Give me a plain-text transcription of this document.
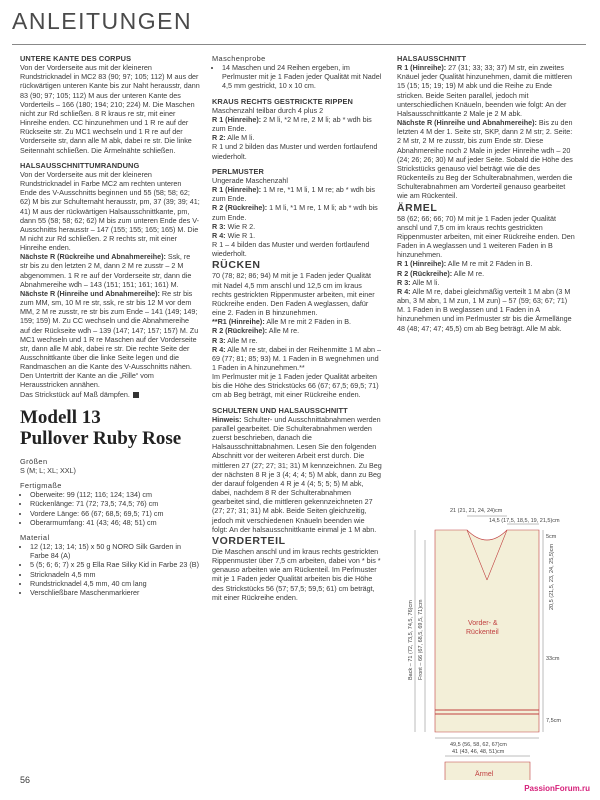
ANLEITUNGEN
UNTERE KANTE DES CORPUS

Von der Vorderseite aus mit der kleineren Rundstricknadel in MC2 83 (90; 97; 105; 112) M aus der rückwärtigen unteren Kante bis zur Naht herausstr, dann 83 (90; 97; 105; 112) M aus der unteren Kante des Vorderteils – 166 (180; 194; 210; 224) M. Die Maschen nicht zur Rd schließen. 8 R kraus re str, mit einer Hinreihe enden. CC hinzunehmen und 1 R re auf der Rückseite str. Zu MC1 wechseln und 1 R re auf der Vorderseite str, dann alle M abk, dabei re str. Die linke Seitennaht schließen. Die Ärmelnähte schließen.

HALSAUSSCHNITTUMRANDUNG

Von der Vorderseite aus mit der kleineren Rundstricknadel in Farbe MC2 am rechten unteren Ende des V-Ausschnitts beginnen und 55 (58; 58; 62; 62) M bis zur Schulternaht herausstr, pm, 37 (39; 39; 41; 41) M aus der rückwärtigen Halsausschnittkante, pm, dann 55 (58; 58; 62; 62) M bis zum unteren Ende des V-Ausschnitts herausstr – 147 (155; 155; 165; 165) M. Die M nicht zur Rd schließen. 2 R rechts str, mit einer Hinreihe enden.

Nächste R (Rückreihe und Abnahmereihe): Ssk, re str bis zu den letzten 2 M, dann 2 M re zusstr – 2 M abgenommen. 1 R re auf der Vorderseite str, dann die Abnahmereihe wdh – 143 (151; 151; 161; 161) M.

Nächste R (Hinreihe und Abnahmereihe): Re str bis zum MM, sm, 10 M re str, ssk, re str bis 12 M vor dem MM, 2 M re zusstr, re str bis zum Ende – 141 (149; 149; 159; 159) M. Zu CC wechseln und die Abnahmereihe auf der Rückseite wdh – 139 (147; 147; 157; 157) M. Zu MC1 wechseln und 1 R re Maschen auf der Vorderseite str, dann alle M abk, dabei re str. Die rechte Seite der Ausschnittkante über die linke Seite legen und die Randmaschen an die Kante des V-Ausschnitts nähen. Den Untertritt der Kante an die „Rille“ vom Herausstricken annähen.

Das Strickstück auf Maß dämpfen.

Modell 13
Pullover Ruby Rose
Größen

S (M; L; XL; XXL)

Fertigmaße
• Oberweite: 99 (112; 116; 124; 134) cm
• Rückenlänge: 71 (72; 73,5; 74,5; 76) cm
• Vordere Länge: 66 (67; 68,5; 69,5; 71) cm
• Oberarmumfang: 41 (43; 46; 48; 51) cm
Material
• 12 (12; 13; 14; 15) x 50 g NORO Silk Garden in Farbe 84 (A)
• 5 (5; 6; 6; 7) x 25 g Ella Rae Silky Kid in Farbe 23 (B)
• Stricknadeln 4,5 mm
• Rundstricknadel 4,5 mm, 40 cm lang
• Verschließbare Maschenmarkierer
Maschenprobe
• 14 Maschen und 24 Reihen ergeben, im Perlmuster mit je 1 Faden jeder Qualität mit Nadel 4,5 mm gestrickt, 10 x 10 cm.
KRAUS RECHTS GESTRICKTE RIPPEN

Maschenzahl teilbar durch 4 plus 2

R 1 (Hinreihe): 2 M li, *2 M re, 2 M li; ab * wdh bis zum Ende.

R 2: Alle M li.

R 1 und 2 bilden das Muster und werden fortlaufend wiederholt.

PERLMUSTER

Ungerade Maschenzahl

R 1 (Hinreihe): 1 M re, *1 M li, 1 M re; ab * wdh bis zum Ende.

R 2 (Rückreihe): 1 M li, *1 M re, 1 M li; ab * wdh bis zum Ende.

R 3: Wie R 2.

R 4: Wie R 1.

R 1 – 4 bilden das Muster und werden fortlaufend wiederholt.

RÜCKEN

70 (78; 82; 86; 94) M mit je 1 Faden jeder Qualität mit Nadel 4,5 mm anschl und 12,5 cm im kraus rechts gestrickten Rippenmuster arbeiten, mit einer Rückreihe enden. Den Faden A weglassen, dafür eine 2. Faden in B hinzunehmen.

**R1 (Hinreihe): Alle M re mit 2 Fäden in B.

R 2 (Rückreihe): Alle M re.

R 3: Alle M re.

R 4: Alle M re str, dabei in der Reihenmitte 1 M abn – 69 (77; 81; 85; 93) M. 1 Faden in B wegnehmen und 1 Faden in A hinzunehmen.**

Im Perlmuster mit je 1 Faden jeder Qualität arbeiten bis die Höhe des Strickstücks 66 (67; 67,5; 69,5; 71) cm ab Beg beträgt, mit einer Rückreihe enden.

SCHULTERN UND HALSAUSSCHNITT

Hinweis: Schulter- und Ausschnittabnahmen werden parallel gearbeitet. Die Schulterabnahmen werden zuerst beschrieben, danach die Halsausschnittabnahmen. Lesen Sie den folgenden Abschnitt vor der weiteren Arbeit erst durch. Die mittleren 27 (27; 27; 31; 31) M kennzeichnen. Zu Beg der nächsten 8 R je 3 (4; 4; 4; 5) M abk, dann zu Beg der darauf folgenden 4 R je 4 (4; 5; 5; 5) M abk, dabei, nachdem 8 R der Schulterabnahmen gearbeitet sind, die mittleren gekennzeichneten 27 (27; 27; 31; 31) M abk. Beide Seiten gleichzeitig, jedoch mit verschiedenen Knäueln beenden wie folgt: An der halsausschnittkante einmal je 1 M abn.

VORDERTEIL

Die Maschen anschl und im kraus rechts gestrickten Rippenmuster über 7,5 cm arbeiten, dabei von * bis * genauso arbeiten wie am Rückenteil. Im Perlmuster mit je 1 Faden jeder Qualität arbeiten bis die Höhe des Strickstücks 56 (57; 57,5; 59,5; 61) cm beträgt, mit einer Rückreihe enden.

HALSAUSSCHNITT

R 1 (Hinreihe): 27 (31; 33; 33; 37) M str, ein zweites Knäuel jeder Qualität hinzunehmen, damit die mittleren 15 (15; 15; 19; 19) M abk und die Reihe zu Ende stricken. Beide Seiten parallel, jedoch mit unterschiedlichen Knäueln, beenden wie folgt: An der Halsausschnittkante 2 Male je 2 M abk.

Nächste R (Hinreihe und Abnahmereihe): Bis zu den letzten 4 M der 1. Seite str, SKP, dann 2 M str; 2. Seite: 2 M str, 2 M re zusstr, bis zum Ende str. Diese Abnahmereihe noch 2 Male in jeder Hinreihe wdh – 20 (24; 26; 26; 30) M auf jeder Seite. Sobald die Höhe des Strickstücks genauso viel beträgt wie die des Rückenteils zu Beg der Schulterabnahmen, werden die Schulterabnahmen am Vorderteil genauso gearbeitet wie am Rückenteil.

ÄRMEL

58 (62; 66; 66; 70) M mit je 1 Faden jeder Qualität anschl und 7,5 cm im kraus rechts gestrickten Rippenmuster arbeiten, mit einer Rückreihe enden. Den Faden in A weglassen und 1 weiteren Faden in B hinzunehmen.

R 1 (Hinreihe): Alle M re mit 2 Fäden in B.

R 2 (Rückreihe): Alle M re.

R 3: Alle M li.

R 4: Alle M re, dabei gleichmäßig verteilt 1 M abn (3 M abn, 3 M abn, 1 M zun, 1 M zun) – 57 (59; 63; 67; 71) M. 1 Faden in B weglassen und 1 Faden in A hinzunehmen und im Perlmuster str bis die Ärmellänge 48 (48; 47; 47; 45,5) cm ab Beg beträgt. Alle M abk.

21 (21, 21, 24, 24)cm
14,5 (17,5, 18,5, 19, 21,5)cm
5cm
20,5 (21,5, 23, 24, 25,5)cm
33cm
7,5cm
Back – 71 (72, 73,5, 74,5, 76)cm Front – 66 (67, 68,5, 69,5, 71)cm	Vorder- &
Rückenteil
49,5 (56, 58, 62, 67)cm
41 (43, 46, 48, 51)cm
Ärmel
56
PassionForum.ru
